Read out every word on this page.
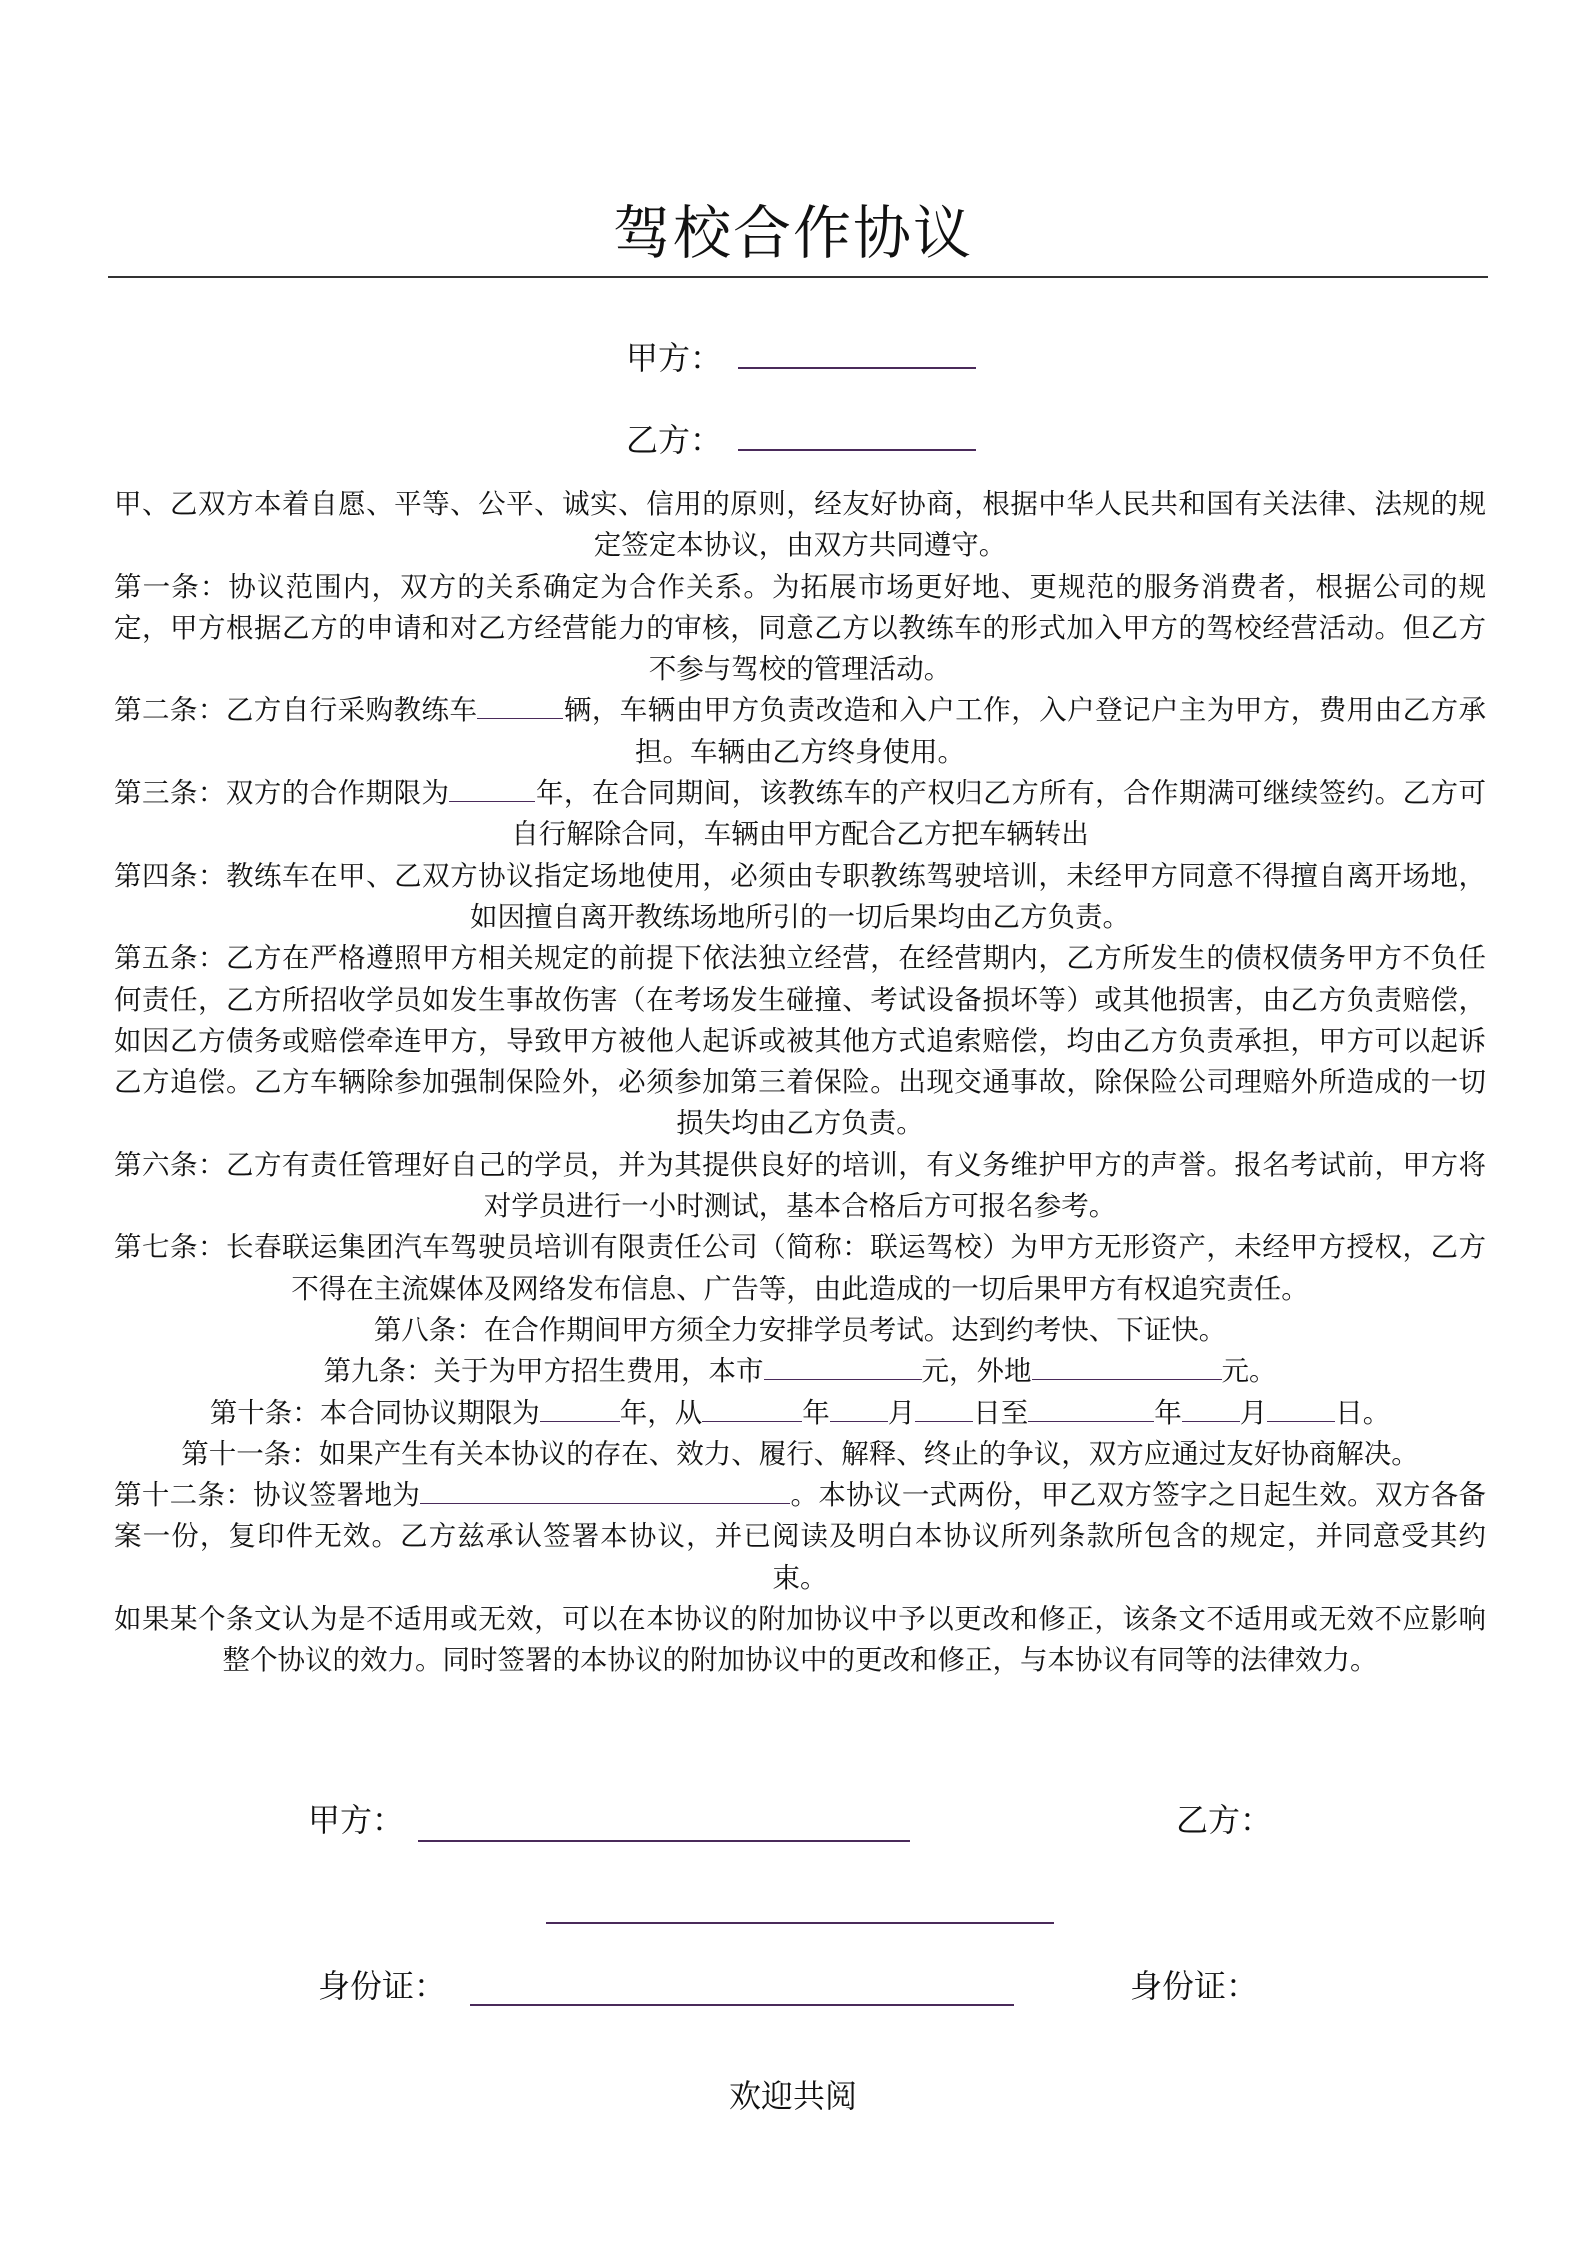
驾校合作协议
甲方：
乙方：

甲、乙双方本着自愿、平等、公平、诚实、信用的原则，经友好协商，根据中华人民共和国有关法律、法规的规定签定本协议，由双方共同遵守。

第一条：协议范围内，双方的关系确定为合作关系。为拓展市场更好地、更规范的服务消费者，根据公司的规定，甲方根据乙方的申请和对乙方经营能力的审核，同意乙方以教练车的形式加入甲方的驾校经营活动。但乙方不参与驾校的管理活动。

第二条：乙方自行采购教练车	辆，车辆由甲方负责改造和入户工作，入户登记户主为甲方，费用由乙方承担。车辆由乙方终身使用。

第三条：双方的合作期限为	年，在合同期间，该教练车的产权归乙方所有，合作期满可继续签约。乙方可自行解除合同，车辆由甲方配合乙方把车辆转出

第四条：教练车在甲、乙双方协议指定场地使用，必须由专职教练驾驶培训，未经甲方同意不得擅自离开场地，如因擅自离开教练场地所引的一切后果均由乙方负责。

第五条：乙方在严格遵照甲方相关规定的前提下依法独立经营，在经营期内，乙方所发生的债权债务甲方不负任何责任，乙方所招收学员如发生事故伤害（在考场发生碰撞、考试设备损坏等）或其他损害，由乙方负责赔偿，如因乙方债务或赔偿牵连甲方，导致甲方被他人起诉或被其他方式追索赔偿，均由乙方负责承担，甲方可以起诉乙方追偿。乙方车辆除参加强制保险外，必须参加第三着保险。出现交通事故，除保险公司理赔外所造成的一切损失均由乙方负责。

第六条：乙方有责任管理好自己的学员，并为其提供良好的培训，有义务维护甲方的声誉。报名考试前，甲方将对学员进行一小时测试，基本合格后方可报名参考。

第七条：长春联运集团汽车驾驶员培训有限责任公司（简称：联运驾校）为甲方无形资产，未经甲方授权，乙方不得在主流媒体及网络发布信息、广告等，由此造成的一切后果甲方有权追究责任。

第八条：在合作期间甲方须全力安排学员考试。达到约考快、下证快。

第九条：关于为甲方招生费用，本市	元，外地	元。

第十条：本合同协议期限为	年，从	年 月 日至	年 月 日。

第十一条：如果产生有关本协议的存在、效力、履行、解释、终止的争议，双方应通过友好协商解决。

第十二条：协议签署地为	。本协议一式两份，甲乙双方签字之日起生效。双方各备案一份，复印件无效。乙方兹承认签署本协议，并已阅读及明白本协议所列条款所包含的规定，并同意受其约束。

如果某个条文认为是不适用或无效，可以在本协议的附加协议中予以更改和修正，该条文不适用或无效不应影响整个协议的效力。同时签署的本协议的附加协议中的更改和修正，与本协议有同等的法律效力。

甲方：	乙方：
身份证：	身份证：
欢迎共阅
